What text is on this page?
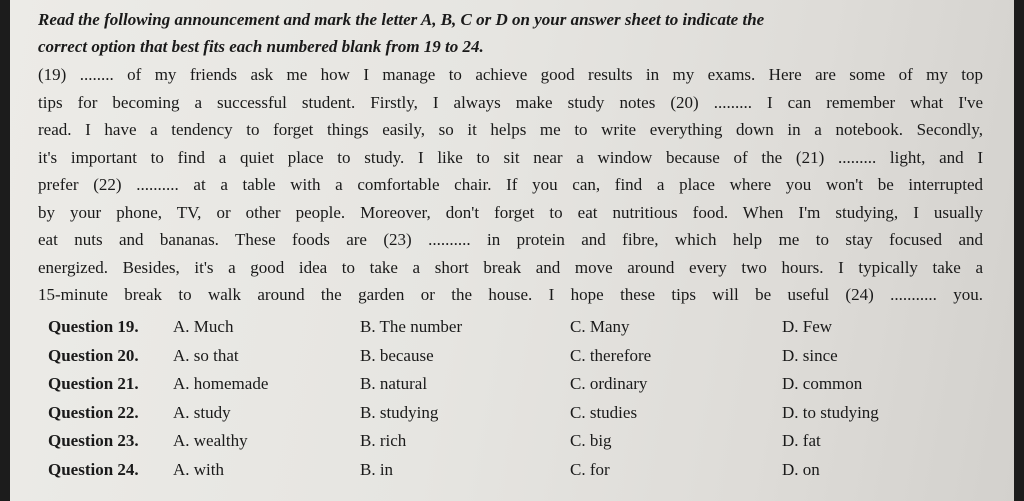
Read the following announcement and mark the letter A, B, C or D on your answer sheet to indicate the
correct option that best fits each numbered blank from 19 to 24.

(19) ........ of my friends ask me how I manage to achieve good results in my exams. Here are some of my top
tips for becoming a successful student. Firstly, I always make study notes (20) ......... I can remember what I've
read. I have a tendency to forget things easily, so it helps me to write everything down in a notebook. Secondly,
it's important to find a quiet place to study. I like to sit near a window because of the (21) ......... light, and I
prefer (22) .......... at a table with a comfortable chair. If you can, find a place where you won't be interrupted
by your phone, TV, or other people. Moreover, don't forget to eat nutritious food. When I'm studying, I usually
eat nuts and bananas. These foods are (23) .......... in protein and fibre, which help me to stay focused and
energized. Besides, it's a good idea to take a short break and move around every two hours. I typically take a
15-minute break to walk around the garden or the house. I hope these tips will be useful (24) ........... you.
Question 19. A. Much	B. The number	C. Many	D. Few
Question 20. A. so that	B. because	C. therefore	D. since
Question 21. A. homemade	B. natural	C. ordinary	D. common
Question 22. A. study	B. studying	C. studies	D. to studying
Question 23. A. wealthy	B. rich	C. big	D. fat
Question 24. A. with	B. in	C. for	D. on
